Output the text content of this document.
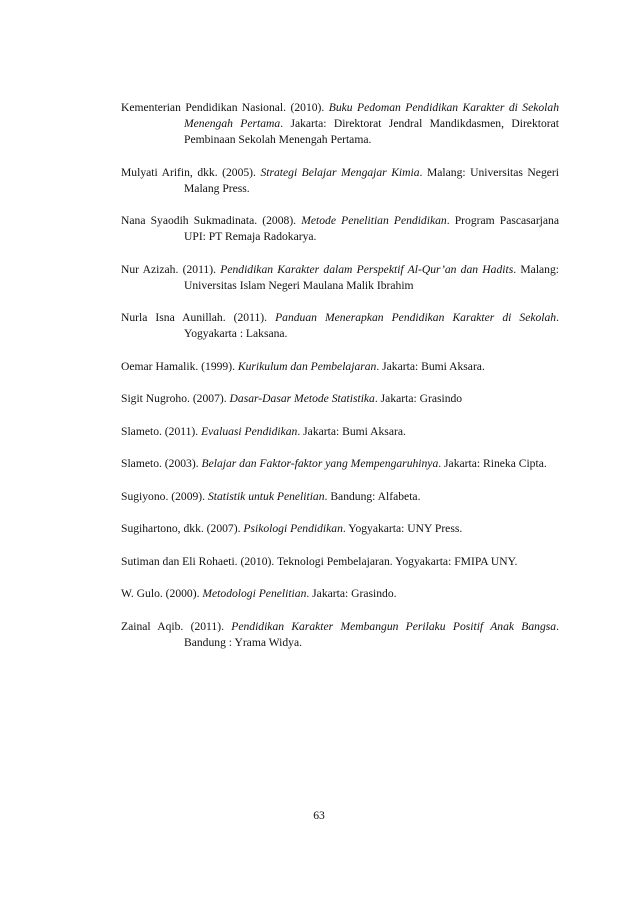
Kementerian Pendidikan Nasional. (2010). Buku Pedoman Pendidikan Karakter di Sekolah Menengah Pertama. Jakarta: Direktorat Jendral Mandikdasmen, Direktorat Pembinaan Sekolah Menengah Pertama.

Mulyati Arifin, dkk. (2005). Strategi Belajar Mengajar Kimia. Malang: Universitas Negeri Malang Press.

Nana Syaodih Sukmadinata. (2008). Metode Penelitian Pendidikan. Program Pascasarjana UPI: PT Remaja Radokarya.

Nur Azizah. (2011). Pendidikan Karakter dalam Perspektif Al-Qur’an dan Hadits. Malang: Universitas Islam Negeri Maulana Malik Ibrahim

Nurla Isna Aunillah. (2011). Panduan Menerapkan Pendidikan Karakter di Sekolah. Yogyakarta : Laksana.

Oemar Hamalik. (1999). Kurikulum dan Pembelajaran. Jakarta: Bumi Aksara.

Sigit Nugroho. (2007). Dasar-Dasar Metode Statistika. Jakarta: Grasindo

Slameto. (2011). Evaluasi Pendidikan. Jakarta: Bumi Aksara.

Slameto. (2003). Belajar dan Faktor-faktor yang Mempengaruhinya. Jakarta: Rineka Cipta.

Sugiyono. (2009). Statistik untuk Penelitian. Bandung: Alfabeta.

Sugihartono, dkk. (2007). Psikologi Pendidikan. Yogyakarta: UNY Press.

Sutiman dan Eli Rohaeti. (2010). Teknologi Pembelajaran. Yogyakarta: FMIPA UNY.

W. Gulo. (2000). Metodologi Penelitian. Jakarta: Grasindo.

Zainal Aqib. (2011). Pendidikan Karakter Membangun Perilaku Positif Anak Bangsa. Bandung : Yrama Widya.

63
